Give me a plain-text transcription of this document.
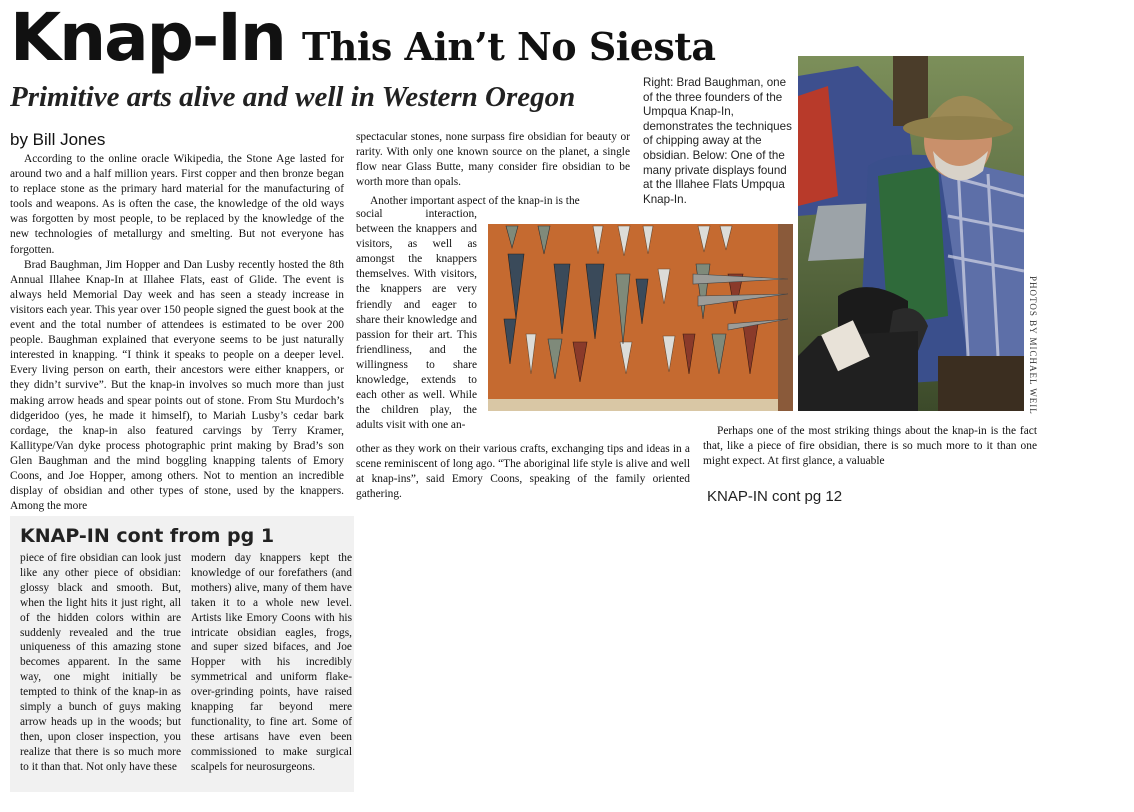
Knap-In This Ain’t No Siesta
Primitive arts alive and well in Western Oregon
by Bill Jones

According to the online oracle Wikipedia, the Stone Age lasted for around two and a half million years. First copper and then bronze began to replace stone as the primary hard material for the manufacturing of tools and weapons. As is often the case, the knowledge of the old ways was forgotten by most people, to be replaced by the knowledge of the new technologies of metallurgy and smelting. But not everyone has forgotten.

Brad Baughman, Jim Hopper and Dan Lusby recently hosted the 8th Annual Illahee Knap-In at Illahee Flats, east of Glide. The event is always held Memorial Day week and has seen a steady increase in visitors each year. This year over 150 people signed the guest book at the event and the total number of attendees is estimated to be over 200 people. Baughman explained that everyone seems to be just naturally interested in knapping. “I think it speaks to people on a deeper level. Every living person on earth, their ancestors were either knappers, or they didn’t survive”. But the knap-in involves so much more than just making arrow heads and spear points out of stone. From Stu Murdoch’s didgeridoo (yes, he made it himself), to Mariah Lusby’s cedar bark cordage, the knap-in also featured carvings by Terry Kramer, Kallitype/Van dyke process photographic print making by Brad’s son Glen Baughman and the mind boggling knapping talents of Emory Coons, and Joe Hopper, among others. Not to mention an incredible display of obsidian and other types of stone, used by the knappers. Among the more

spectacular stones, none surpass fire obsidian for beauty or rarity. With only one known source on the planet, a single flow near Glass Butte, many consider fire obsidian to be worth more than opals.

Another important aspect of the knap-in is the

social interaction, between the knappers and visitors, as well as amongst the knappers themselves. With visitors, the knappers are very friendly and eager to share their knowledge and passion for their art. This friendliness, and the willingness to share knowledge, extends to each other as well. While the children play, the adults visit with one an-

other as they work on their various crafts, exchanging tips and ideas in a scene reminiscent of long ago. “The aboriginal life style is alive and well at knap-ins”, said Emory Coons, speaking of the family oriented gathering.

Right: Brad Baughman, one of the three founders of the Umpqua Knap-In, demonstrates the techniques of chipping away at the obsidian. Below: One of the many private displays found at the Illahee Flats Umpqua Knap-In.
PHOTOS BY MICHAEL WEIL

Perhaps one of the most striking things about the knap-in is the fact that, like a piece of fire obsidian, there is so much more to it than one might expect. At first glance, a valuable

KNAP-IN cont pg 12
KNAP-IN cont from pg 1
piece of fire obsidian can look just like any other piece of obsidian: glossy black and smooth. But, when the light hits it just right, all of the hidden colors within are suddenly revealed and the true uniqueness of this amazing stone becomes apparent. In the same way, one might initially be tempted to think of the knap-in as simply a bunch of guys making arrow heads up in the woods; but then, upon closer inspection, you realize that there is so much more to it than that. Not only have these
modern day knappers kept the knowledge of our forefathers (and mothers) alive, many of them have taken it to a whole new level. Artists like Emory Coons with his intricate obsidian eagles, frogs, and super sized bifaces, and Joe Hopper with his incredibly symmetrical and uniform flake-over-grinding points, have raised knapping far beyond mere functionality, to fine art. Some of these artisans have even been commissioned to make surgical scalpels for neurosurgeons.
